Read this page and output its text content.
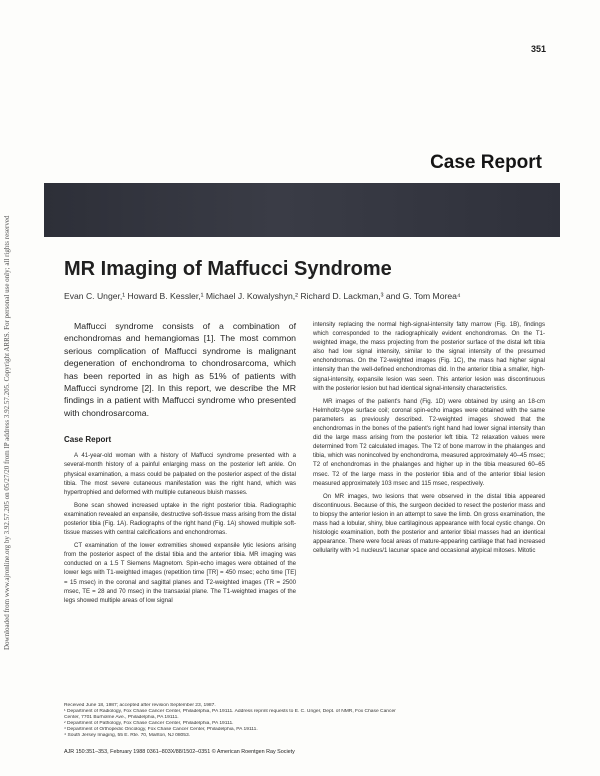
Downloaded from www.ajronline.org by 3.92.57.205 on 05/27/20 from IP address 3.92.57.205. Copyright ARRS. For personal use only; all rights reserved
351
Case Report
MR Imaging of Maffucci Syndrome
Evan C. Unger,¹ Howard B. Kessler,¹ Michael J. Kowalyshyn,² Richard D. Lackman,³ and G. Tom Morea⁴

Maffucci syndrome consists of a combination of enchondromas and hemangiomas [1]. The most common serious complication of Maffucci syndrome is malignant degeneration of enchondroma to chondrosarcoma, which has been reported in as high as 51% of patients with Maffucci syndrome [2]. In this report, we describe the MR findings in a patient with Maffucci syndrome who presented with chondrosarcoma.

Case Report

A 41-year-old woman with a history of Maffucci syndrome presented with a several-month history of a painful enlarging mass on the posterior left ankle. On physical examination, a mass could be palpated on the posterior aspect of the distal tibia. The most severe cutaneous manifestation was the right hand, which was hypertrophied and deformed with multiple cutaneous bluish masses.

Bone scan showed increased uptake in the right posterior tibia. Radiographic examination revealed an expansile, destructive soft-tissue mass arising from the distal posterior tibia (Fig. 1A). Radiographs of the right hand (Fig. 1A) showed multiple soft-tissue masses with central calcifications and enchondromas.

CT examination of the lower extremities showed expansile lytic lesions arising from the posterior aspect of the distal tibia and the anterior tibia. MR imaging was conducted on a 1.5 T Siemens Magnetom. Spin-echo images were obtained of the lower legs with T1-weighted images (repetition time [TR] = 450 msec; echo time [TE] = 15 msec) in the coronal and sagittal planes and T2-weighted images (TR = 2500 msec, TE = 28 and 70 msec) in the transaxial plane. The T1-weighted images of the legs showed multiple areas of low signal

intensity replacing the normal high-signal-intensity fatty marrow (Fig. 1B), findings which corresponded to the radiographically evident enchondromas. On the T1-weighted image, the mass projecting from the posterior surface of the distal left tibia also had low signal intensity, similar to the signal intensity of the presumed enchondromas. On the T2-weighted images (Fig. 1C), the mass had higher signal intensity than the well-defined enchondromas did. In the anterior tibia a smaller, high-signal-intensity, expansile lesion was seen. This anterior lesion was discontinuous with the posterior lesion but had identical signal-intensity characteristics.

MR images of the patient's hand (Fig. 1D) were obtained by using an 18-cm Helmholtz-type surface coil; coronal spin-echo images were obtained with the same parameters as previously described. T2-weighted images showed that the enchondromas in the bones of the patient's right hand had lower signal intensity than did the large mass arising from the posterior left tibia. T2 relaxation values were determined from T2 calculated images. The T2 of bone marrow in the phalanges and tibia, which was nonincolved by enchondroma, measured approximately 40–45 msec; T2 of enchondromas in the phalanges and higher up in the tibia measured 60–65 msec. T2 of the large mass in the posterior tibia and of the anterior tibial lesion measured approximately 103 msec and 115 msec, respectively.

On MR images, two lesions that were observed in the distal tibia appeared discontinuous. Because of this, the surgeon decided to resect the posterior mass and to biopsy the anterior lesion in an attempt to save the limb. On gross examination, the mass had a lobular, shiny, blue cartilaginous appearance with focal cystic change. On histologic examination, both the posterior and anterior tibial masses had an identical appearance. There were focal areas of mature-appearing cartilage that had increased cellularity with >1 nucleus/1 lacunar space and occasional atypical mitoses. Mitotic

Received June 18, 1987; accepted after revision September 23, 1987.
¹ Department of Radiology, Fox Chase Cancer Center, Philadelphia, PA 19111. Address reprint requests to E. C. Unger, Dept. of NMR, Fox Chase Cancer
Center, 7701 Burholme Ave., Philadelphia, PA 19111.
² Department of Pathology, Fox Chase Cancer Center, Philadelphia, PA 19111.
³ Department of Orthopedic Oncology, Fox Chase Cancer Center, Philadelphia, PA 19111.
⁴ South Jersey Imaging, 55 E. Rte. 70, Marlton, NJ 08053.
AJR 150:351–353, February 1988 0361–803X/88/1502–0351 © American Roentgen Ray Society
